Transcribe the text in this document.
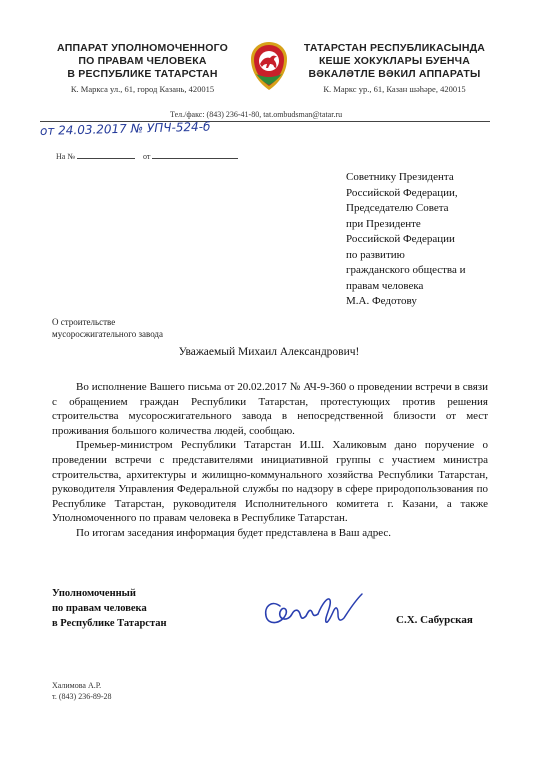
АППАРАТ УПОЛНОМОЧЕННОГО
ПО ПРАВАМ ЧЕЛОВЕКА
В РЕСПУБЛИКЕ ТАТАРСТАН
К. Маркса ул., 61, город Казань, 420015
ТАТАРСТАН РЕСПУБЛИКАСЫНДА
КЕШЕ ХОКУКЛАРЫ БУЕНЧА
ВӘКАЛӘТЛЕ ВӘКИЛ АППАРАТЫ
К. Маркс ур., 61, Казан шәһәре, 420015
Тел./факс: (843) 236-41-80, tat.ombudsman@tatar.ru
от 24.03.2017 № УПЧ-524-б
На №	от
Советнику Президента
Российской Федерации,
Председателю Совета
при Президенте
Российской Федерации
по развитию
гражданского общества и
правам человека
М.А. Федотову
О строительстве
мусоросжигательного завода
Уважаемый Михаил Александрович!

Во исполнение Вашего письма от 20.02.2017 № АЧ-9-360 о проведении встречи в связи с обращением граждан Республики Татарстан, протестующих против решения строительства мусоросжигательного завода в непосредственной близости от мест проживания большого количества людей, сообщаю.

Премьер-министром Республики Татарстан И.Ш. Халиковым дано поручение о проведении встречи с представителями инициативной группы с участием министра строительства, архитектуры и жилищно-коммунального хозяйства Республики Татарстан, руководителя Управления Федеральной службы по надзору в сфере природопользования по Республике Татарстан, руководителя Исполнительного комитета г. Казани, а также Уполномоченного по правам человека в Республике Татарстан.

По итогам заседания информация будет представлена в Ваш адрес.

Уполномоченный
по правам человека
в Республике Татарстан	С.Х. Сабурская
Халимова А.Р.
т. (843) 236-89-28
